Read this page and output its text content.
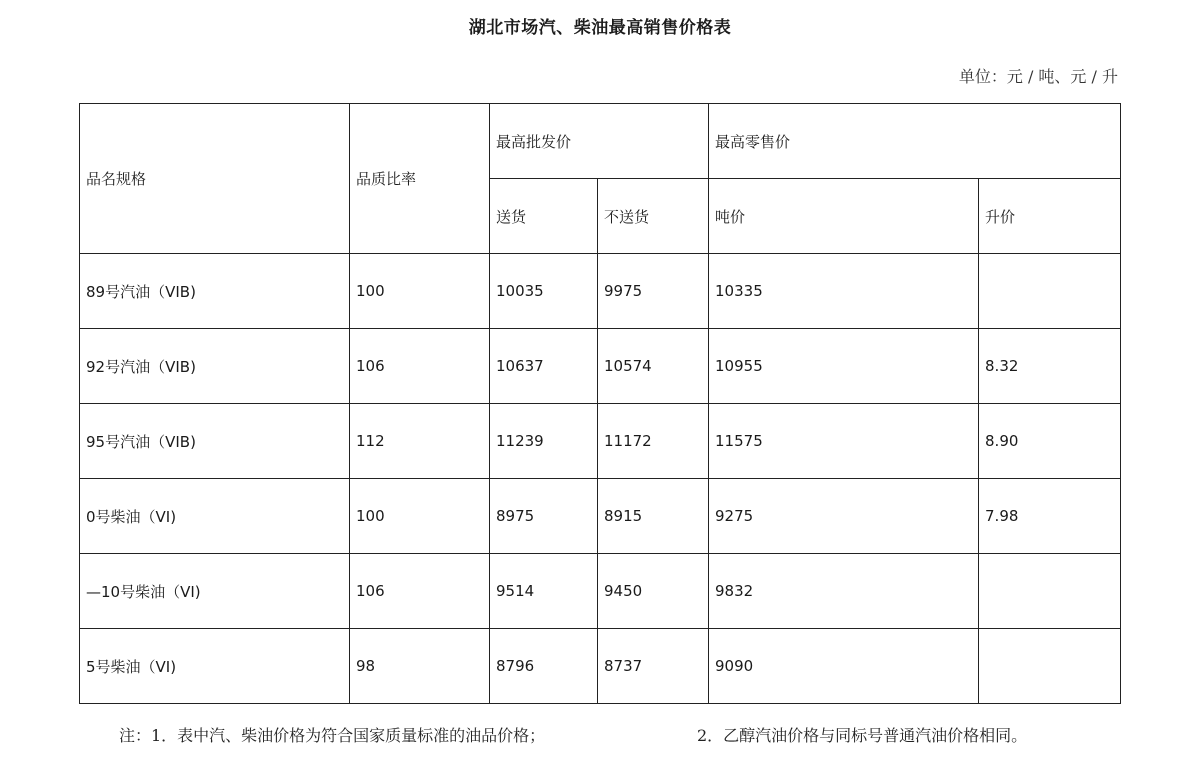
湖北市场汽、柴油最高销售价格表
单位：元 / 吨、元 / 升
品名规格	品质比率	最高批发价		最高零售价	
		送货	不送货	吨价	升价
89号汽油（VIB)	100	10035	9975	10335	
92号汽油（VIB)	106	10637	10574	10955	8.32
95号汽油（VIB)	112	11239	11172	11575	8.90
0号柴油（VI)	100	8975	8915	9275	7.98
—10号柴油（VI)	106	9514	9450	9832	
5号柴油（VI)	98	8796	8737	9090	
注：1．表中汽、柴油价格为符合国家质量标准的油品价格；	2．乙醇汽油价格与同标号普通汽油价格相同。
